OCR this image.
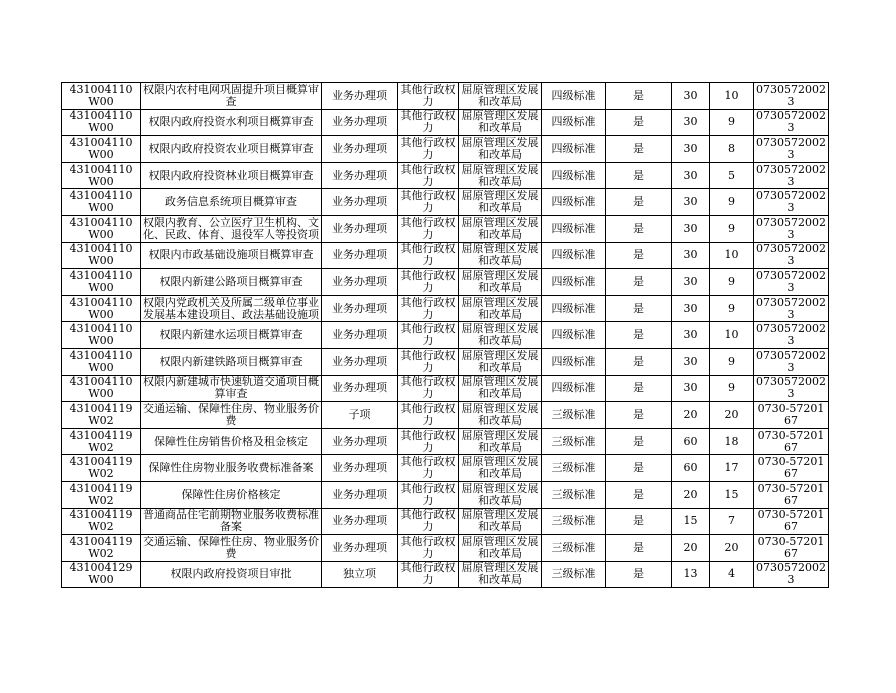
431004110W00	权限内农村电网巩固提升项目概算审查	业务办理项	其他行政权力	屈原管理区发展和改革局	四级标准	是	30	10	07305720023

431004110W00	权限内政府投资水利项目概算审查	业务办理项	其他行政权力	屈原管理区发展和改革局	四级标准	是	30	9	07305720023

431004110W00	权限内政府投资农业项目概算审查	业务办理项	其他行政权力	屈原管理区发展和改革局	四级标准	是	30	8	07305720023

431004110W00	权限内政府投资林业项目概算审查	业务办理项	其他行政权力	屈原管理区发展和改革局	四级标准	是	30	5	07305720023

431004110W00	政务信息系统项目概算审查	业务办理项	其他行政权力	屈原管理区发展和改革局	四级标准	是	30	9	07305720023

431004110W00	权限内教育、公立医疗卫生机构、文化、民政、体育、退役军人等投资项	业务办理项	其他行政权力	屈原管理区发展和改革局	四级标准	是	30	9	07305720023

431004110W00	权限内市政基础设施项目概算审查	业务办理项	其他行政权力	屈原管理区发展和改革局	四级标准	是	30	10	07305720023

431004110W00	权限内新建公路项目概算审查	业务办理项	其他行政权力	屈原管理区发展和改革局	四级标准	是	30	9	07305720023

431004110W00	权限内党政机关及所属二级单位事业发展基本建设项目、政法基础设施项	业务办理项	其他行政权力	屈原管理区发展和改革局	四级标准	是	30	9	07305720023

431004110W00	权限内新建水运项目概算审查	业务办理项	其他行政权力	屈原管理区发展和改革局	四级标准	是	30	10	07305720023

431004110W00	权限内新建铁路项目概算审查	业务办理项	其他行政权力	屈原管理区发展和改革局	四级标准	是	30	9	07305720023

431004110W00	权限内新建城市快速轨道交通项目概算审查	业务办理项	其他行政权力	屈原管理区发展和改革局	四级标准	是	30	9	07305720023

431004119W02	交通运输、保障性住房、物业服务价费	子项	其他行政权力	屈原管理区发展和改革局	三级标准	是	20	20	0730-5720167

431004119W02	保障性住房销售价格及租金核定	业务办理项	其他行政权力	屈原管理区发展和改革局	三级标准	是	60	18	0730-5720167

431004119W02	保障性住房物业服务收费标准备案	业务办理项	其他行政权力	屈原管理区发展和改革局	三级标准	是	60	17	0730-5720167

431004119W02	保障性住房价格核定	业务办理项	其他行政权力	屈原管理区发展和改革局	三级标准	是	20	15	0730-5720167

431004119W02	普通商品住宅前期物业服务收费标准备案	业务办理项	其他行政权力	屈原管理区发展和改革局	三级标准	是	15	7	0730-5720167

431004119W02	交通运输、保障性住房、物业服务价费	业务办理项	其他行政权力	屈原管理区发展和改革局	三级标准	是	20	20	0730-5720167

431004129W00	权限内政府投资项目审批	独立项	其他行政权力	屈原管理区发展和改革局	三级标准	是	13	4	07305720023
